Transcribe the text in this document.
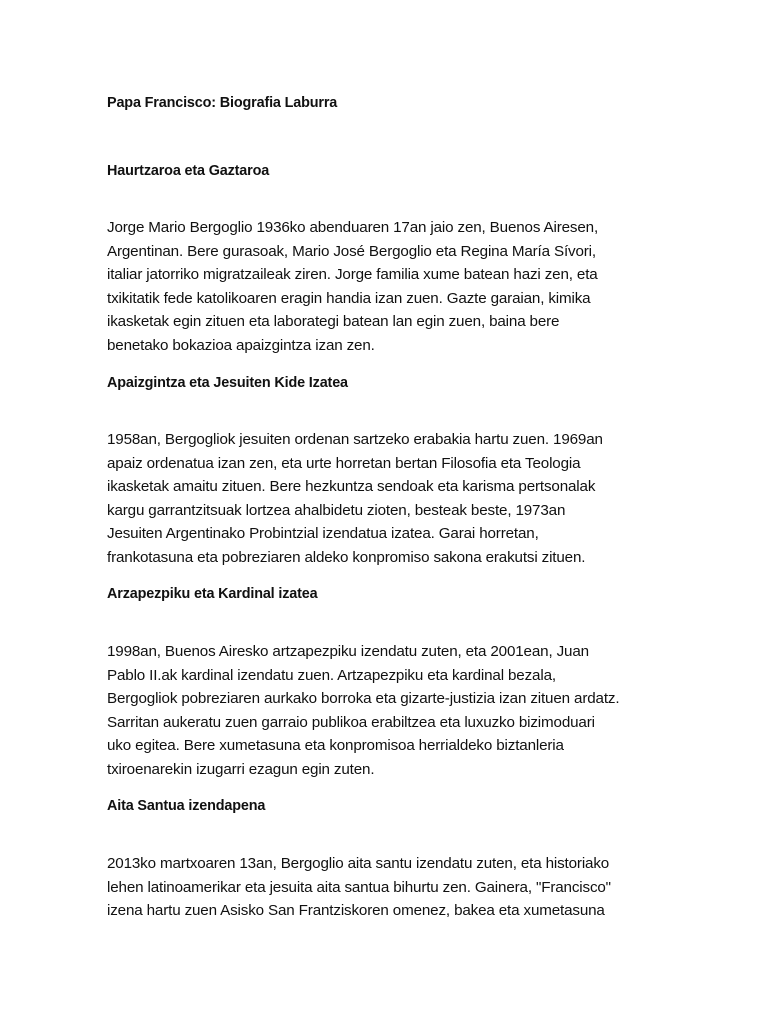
Papa Francisco: Biografia Laburra
Haurtzaroa eta Gaztaroa

Jorge Mario Bergoglio 1936ko abenduaren 17an jaio zen, Buenos Airesen,
Argentinan. Bere gurasoak, Mario José Bergoglio eta Regina María Sívori,
italiar jatorriko migratzaileak ziren. Jorge familia xume batean hazi zen, eta
txikitatik fede katolikoaren eragin handia izan zuen. Gazte garaian, kimika
ikasketak egin zituen eta laborategi batean lan egin zuen, baina bere
benetako bokazioa apaizgintza izan zen.

Apaizgintza eta Jesuiten Kide Izatea

1958an, Bergogliok jesuiten ordenan sartzeko erabakia hartu zuen. 1969an
apaiz ordenatua izan zen, eta urte horretan bertan Filosofia eta Teologia
ikasketak amaitu zituen. Bere hezkuntza sendoak eta karisma pertsonalak
kargu garrantzitsuak lortzea ahalbidetu zioten, besteak beste, 1973an
Jesuiten Argentinako Probintzial izendatua izatea. Garai horretan,
frankotasuna eta pobreziaren aldeko konpromiso sakona erakutsi zituen.

Arzapezpiku eta Kardinal izatea

1998an, Buenos Airesko artzapezpiku izendatu zuten, eta 2001ean, Juan
Pablo II.ak kardinal izendatu zuen. Artzapezpiku eta kardinal bezala,
Bergogliok pobreziaren aurkako borroka eta gizarte-justizia izan zituen ardatz.
Sarritan aukeratu zuen garraio publikoa erabiltzea eta luxuzko bizimoduari
uko egitea. Bere xumetasuna eta konpromisoa herrialdeko biztanleria
txiroenarekin izugarri ezagun egin zuten.

Aita Santua izendapena

2013ko martxoaren 13an, Bergoglio aita santu izendatu zuten, eta historiako
lehen latinoamerikar eta jesuita aita santua bihurtu zen. Gainera, "Francisco"
izena hartu zuen Asisko San Frantziskoren omenez, bakea eta xumetasuna
